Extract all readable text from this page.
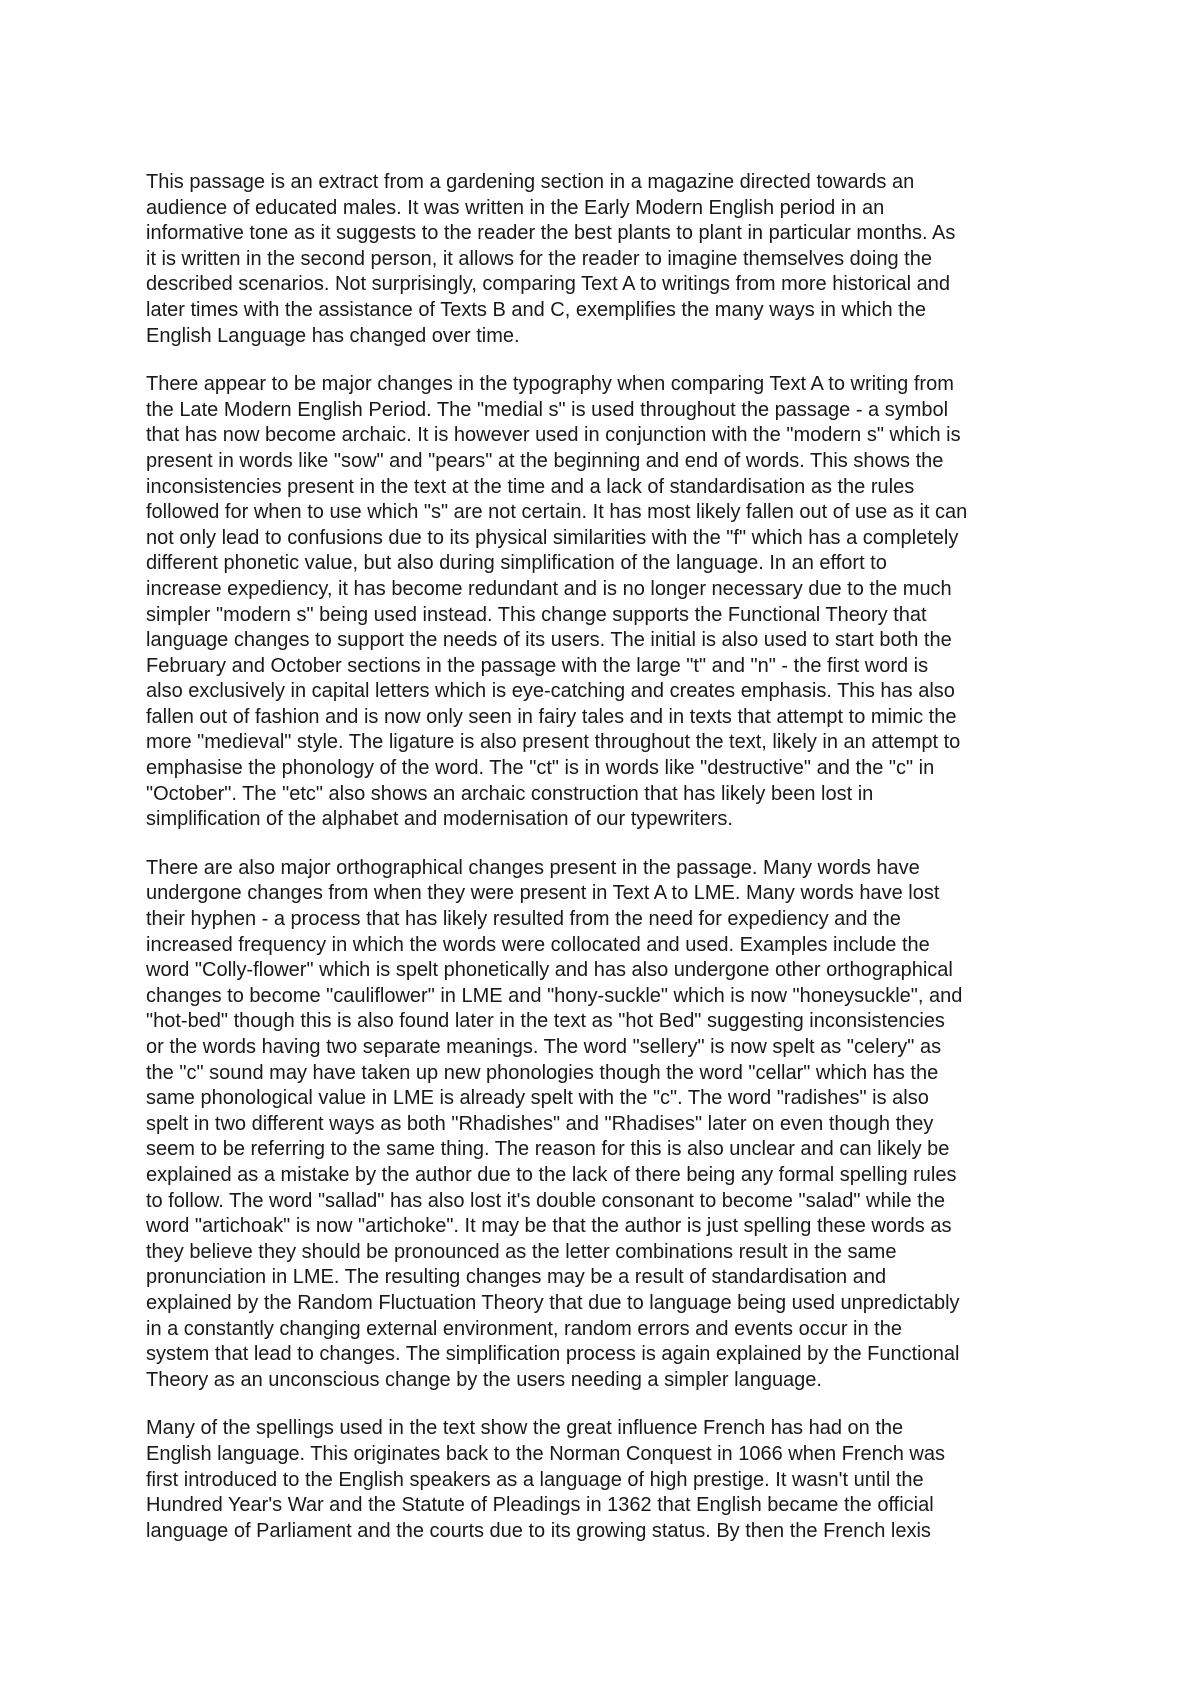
This passage is an extract from a gardening section in a magazine directed towards an
audience of educated males. It was written in the Early Modern English period in an
informative tone as it suggests to the reader the best plants to plant in particular months. As
it is written in the second person, it allows for the reader to imagine themselves doing the
described scenarios. Not surprisingly, comparing Text A to writings from more historical and
later times with the assistance of Texts B and C, exemplifies the many ways in which the
English Language has changed over time.

There appear to be major changes in the typography when comparing Text A to writing from
the Late Modern English Period. The "medial s" is used throughout the passage - a symbol
that has now become archaic. It is however used in conjunction with the "modern s" which is
present in words like "sow" and "pears" at the beginning and end of words. This shows the
inconsistencies present in the text at the time and a lack of standardisation as the rules
followed for when to use which "s" are not certain. It has most likely fallen out of use as it can
not only lead to confusions due to its physical similarities with the "f" which has a completely
different phonetic value, but also during simplification of the language. In an effort to
increase expediency, it has become redundant and is no longer necessary due to the much
simpler "modern s" being used instead. This change supports the Functional Theory that
language changes to support the needs of its users. The initial is also used to start both the
February and October sections in the passage with the large "t" and "n" - the first word is
also exclusively in capital letters which is eye-catching and creates emphasis. This has also
fallen out of fashion and is now only seen in fairy tales and in texts that attempt to mimic the
more "medieval" style. The ligature is also present throughout the text, likely in an attempt to
emphasise the phonology of the word. The "ct" is in words like "destructive" and the "c" in
"October". The "etc" also shows an archaic construction that has likely been lost in
simplification of the alphabet and modernisation of our typewriters.

There are also major orthographical changes present in the passage. Many words have
undergone changes from when they were present in Text A to LME. Many words have lost
their hyphen - a process that has likely resulted from the need for expediency and the
increased frequency in which the words were collocated and used. Examples include the
word "Colly-flower" which is spelt phonetically and has also undergone other orthographical
changes to become "cauliflower" in LME and "hony-suckle" which is now "honeysuckle", and
"hot-bed" though this is also found later in the text as "hot Bed" suggesting inconsistencies
or the words having two separate meanings. The word "sellery" is now spelt as "celery" as
the "c" sound may have taken up new phonologies though the word "cellar" which has the
same phonological value in LME is already spelt with the "c". The word "radishes" is also
spelt in two different ways as both "Rhadishes" and "Rhadises" later on even though they
seem to be referring to the same thing. The reason for this is also unclear and can likely be
explained as a mistake by the author due to the lack of there being any formal spelling rules
to follow. The word "sallad" has also lost it's double consonant to become "salad" while the
word "artichoak" is now "artichoke". It may be that the author is just spelling these words as
they believe they should be pronounced as the letter combinations result in the same
pronunciation in LME. The resulting changes may be a result of standardisation and
explained by the Random Fluctuation Theory that due to language being used unpredictably
in a constantly changing external environment, random errors and events occur in the
system that lead to changes. The simplification process is again explained by the Functional
Theory as an unconscious change by the users needing a simpler language.

Many of the spellings used in the text show the great influence French has had on the
English language. This originates back to the Norman Conquest in 1066 when French was
first introduced to the English speakers as a language of high prestige. It wasn't until the
Hundred Year's War and the Statute of Pleadings in 1362 that English became the official
language of Parliament and the courts due to its growing status. By then the French lexis
